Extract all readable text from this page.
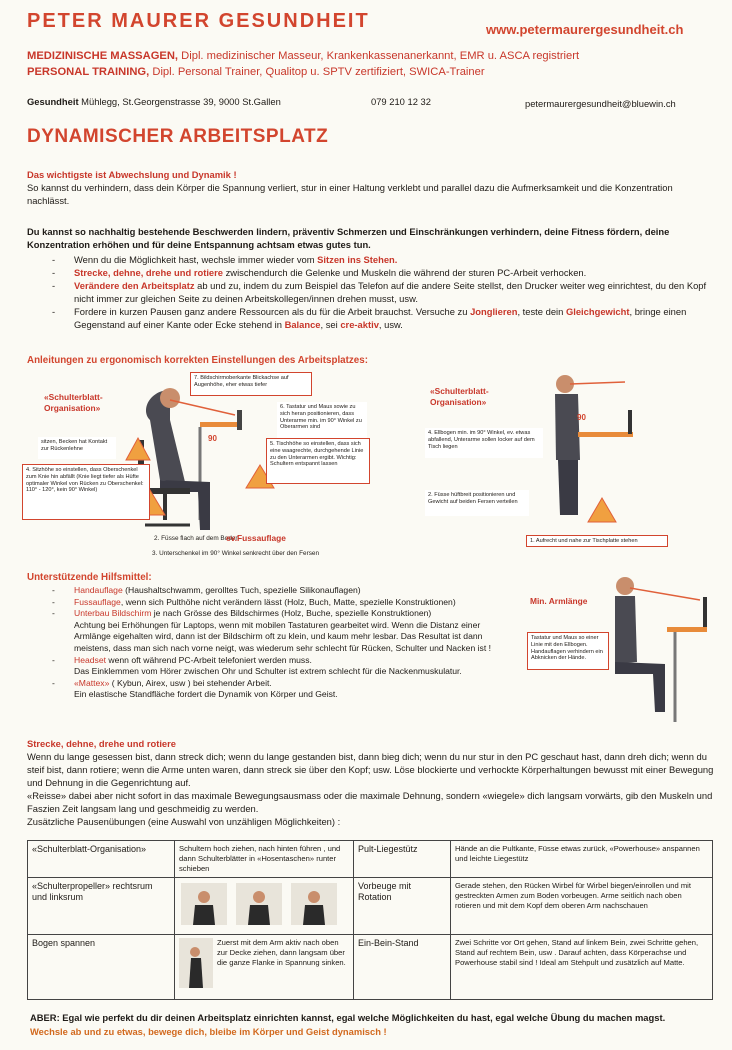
PETER MAURER GESUNDHEIT	www.petermaurergesundheit.ch
MEDIZINISCHE MASSAGEN, Dipl. medizinischer Masseur, Krankenkassenanerkannt, EMR u. ASCA registriert
PERSONAL TRAINING, Dipl. Personal Trainer, Qualitop u. SPTV zertifiziert, SWICA-Trainer
Gesundheit Mühlegg, St.Georgenstrasse 39, 9000 St.Gallen	079 210 12 32	petermaurergesundheit@bluewin.ch
DYNAMISCHER ARBEITSPLATZ
Das wichtigste ist Abwechslung und Dynamik !
So kannst du verhindern, dass dein Körper die Spannung verliert, stur in einer Haltung verklebt und parallel dazu die Aufmerksamkeit und die Konzentration nachlässt.
Du kannst so nachhaltig bestehende Beschwerden lindern, präventiv Schmerzen und Einschränkungen verhindern, deine Fitness fördern, deine Konzentration erhöhen und für deine Entspannung achtsam etwas gutes tun.
- Wenn du die Möglichkeit hast, wechsle immer wieder vom Sitzen ins Stehen.
- Strecke, dehne, drehe und rotiere zwischendurch die Gelenke und Muskeln die während der sturen PC-Arbeit verhocken.
- Verändere den Arbeitsplatz ab und zu, indem du zum Beispiel das Telefon auf die andere Seite stellst, den Drucker weiter weg einrichtest, du den Kopf nicht immer zur gleichen Seite zu deinen Arbeitskollegen/innen drehen musst, usw.
- Fordere in kurzen Pausen ganz andere Ressourcen als du für die Arbeit brauchst. Versuche zu Jonglieren, teste dein Gleichgewicht, bringe einen Gegenstand auf einer Kante oder Ecke stehend in Balance, sei cre-aktiv, usw.
Anleitungen zu ergonomisch korrekten Einstellungen des Arbeitsplatzes:
«Schulterblatt-Organisation»
7. Bildschirmoberkante Blickachse auf Augenhöhe, eher etwas tiefer
6. Tastatur und Maus sowie zu sich heran positionieren, dass Unterarme min. im 90° Winkel zu Oberarmen sind
5. Tischhöhe so einstellen, dass sich eine waagrechte, durchgehende Linie zu den Unterarmen ergibt. Wichtig: Schultern entspannt lassen
90
sitzen, Becken hat Kontakt zur Rückenlehne
4. Sitzhöhe so einstellen, dass Oberschenkel zum Knie hin abfällt (Knie liegt tiefer als Hüfte optimaler Winkel von Rücken zu Oberschenkel: 110° - 120°, kein 90° Winkel)
2. Füsse flach auf dem Boden
ev.Fussauflage
3. Unterschenkel im 90° Winkel senkrecht über den Fersen
«Schulterblatt-Organisation»
90
4. Ellbogen min. im 90° Winkel, ev. etwas abfallend, Unterarme sollen locker auf dem Tisch liegen
2. Füsse hüftbreit positionieren und Gewicht auf beiden Fersen verteilen
1. Aufrecht und nahe zur Tischplatte stehen
Unterstützende Hilfsmittel:
- Handauflage (Haushaltschwamm, gerolltes Tuch, spezielle Silikonauflagen)
- Fussauflage, wenn sich Pulthöhe nicht verändern lässt (Holz, Buch, Matte, spezielle Konstruktionen)
- Unterbau Bildschirm je nach Grösse des Bildschirmes (Holz, Buche, spezielle Konstruktionen)
Achtung bei Erhöhungen für Laptops, wenn mit mobilen Tastaturen gearbeitet wird. Wenn die Distanz einer Armlänge eigehalten wird, dann ist der Bildschirm oft zu klein, und kaum mehr lesbar. Das Resultat ist dann meistens, dass man sich nach vorne neigt, was wiederum sehr schlecht für Rücken, Schulter und Nacken ist !
- Headset wenn oft während PC-Arbeit telefoniert werden muss.
Das Einklemmen vom Hörer zwischen Ohr und Schulter ist extrem schlecht für die Nackenmuskulatur.
- «Mattex» ( Kybun, Airex, usw ) bei stehender Arbeit.
Ein elastische Standfläche fordert die Dynamik von Körper und Geist.
Min. Armlänge
Tastatur und Maus so einer Linie mit den Ellbogen. Handauflagen verhindern ein Abknicken der Hände.
Strecke, dehne, drehe und rotiere
Wenn du lange gesessen bist, dann streck dich; wenn du lange gestanden bist, dann bieg dich; wenn du nur stur in den PC geschaut hast, dann dreh dich; wenn du steif bist, dann rotiere; wenn die Arme unten waren, dann streck sie über den Kopf; usw. Löse blockierte und verhockte Körperhaltungen bewusst mit einer Bewegung und Dehnung in die Gegenrichtung auf.
«Reisse» dabei aber nicht sofort in das maximale Bewegungsausmass oder die maximale Dehnung, sondern «wiegele» dich langsam vorwärts, gib den Muskeln und Faszien Zeit langsam lang und geschmeidig zu werden.
Zusätzliche Pausenübungen (eine Auswahl von unzähligen Möglichkeiten) :
«Schulterblatt-Organisation»	Schultern hoch ziehen, nach hinten führen , und dann Schulterblätter in «Hosentaschen» runter schieben	Pult-Liegestütz	Hände an die Pultkante, Füsse etwas zurück, «Powerhouse» anspannen und leichte Liegestütz
«Schulterpropeller» rechtsrum und linksrum		Vorbeuge mit Rotation	Gerade stehen, den Rücken Wirbel für Wirbel biegen/einrollen und mit gestreckten Armen zum Boden vorbeugen. Arme seitlich nach oben rotieren und mit dem Kopf dem oberen Arm nachschauen
Bogen spannen	Zuerst mit dem Arm aktiv nach oben zur Decke ziehen, dann langsam über die ganze Flanke in Spannung sinken.	Ein-Bein-Stand	Zwei Schritte vor Ort gehen, Stand auf linkem Bein, zwei Schritte gehen, Stand auf rechtem Bein, usw . Darauf achten, dass Körperachse und Powerhouse stabil sind ! Ideal am Stehpult und zusätzlich auf Matte.
ABER: Egal wie perfekt du dir deinen Arbeitsplatz einrichten kannst, egal welche Möglichkeiten du hast, egal welche Übung du machen magst.
Wechsle ab und zu etwas, bewege dich, bleibe im Körper und Geist dynamisch !
